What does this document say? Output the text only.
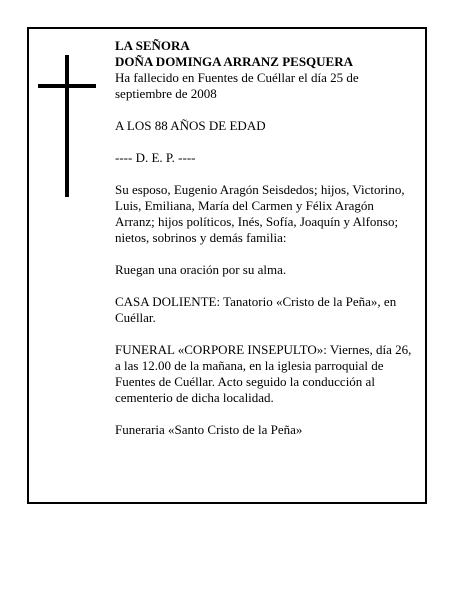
LA SEÑORA

DOÑA DOMINGA ARRANZ PESQUERA

Ha fallecido en Fuentes de Cuéllar el día 25 de septiembre de 2008

A LOS 88 AÑOS DE EDAD

---- D. E. P. ----

Su esposo, Eugenio Aragón Seisdedos; hijos, Victorino, Luis, Emiliana, María del Carmen y Félix Aragón Arranz; hijos políticos, Inés, Sofía, Joaquín y Alfonso; nietos, sobrinos y demás familia:

Ruegan una oración por su alma.

CASA DOLIENTE: Tanatorio «Cristo de la Peña», en Cuéllar.

FUNERAL «CORPORE INSEPULTO»: Viernes, día 26, a las 12.00 de la mañana, en la iglesia parroquial de Fuentes de Cuéllar. Acto seguido la conducción al cementerio de dicha localidad.

Funeraria «Santo Cristo de la Peña»
